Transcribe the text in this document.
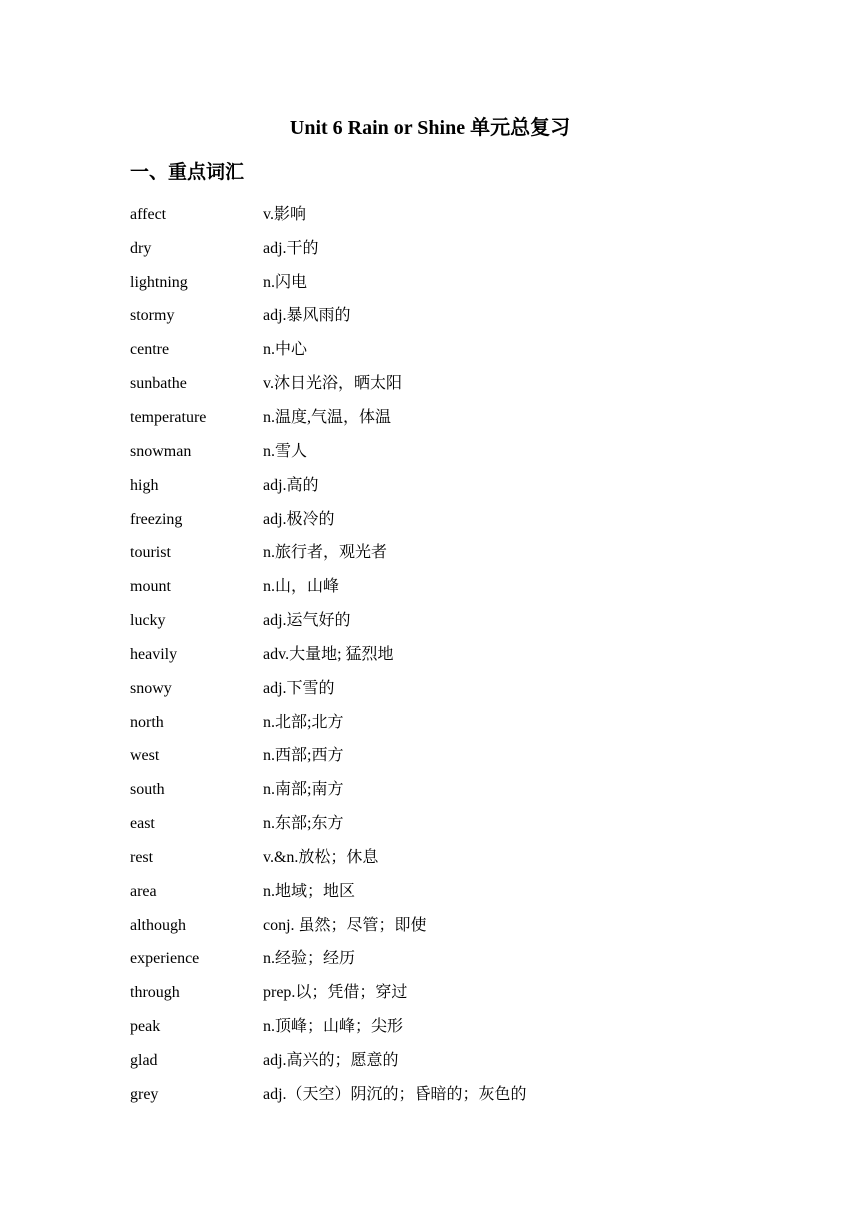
Unit 6 Rain or Shine 单元总复习
一、重点词汇
affect	v.影响
dry	adj.干的
lightning	n.闪电
stormy	adj.暴风雨的
centre	n.中心
sunbathe	v.沐日光浴，晒太阳
temperature	n.温度,气温，体温
snowman	n.雪人
high	adj.高的
freezing	adj.极冷的
tourist	n.旅行者，观光者
mount	n.山，山峰
lucky	adj.运气好的
heavily	adv.大量地; 猛烈地
snowy	adj.下雪的
north	n.北部;北方
west	n.西部;西方
south	n.南部;南方
east	n.东部;东方
rest	v.&n.放松；休息
area	n.地域；地区
although	conj. 虽然；尽管；即使
experience	n.经验；经历
through	prep.以；凭借；穿过
peak	n.顶峰；山峰；尖形
glad	adj.高兴的；愿意的
grey	adj.（天空）阴沉的；昏暗的；灰色的
